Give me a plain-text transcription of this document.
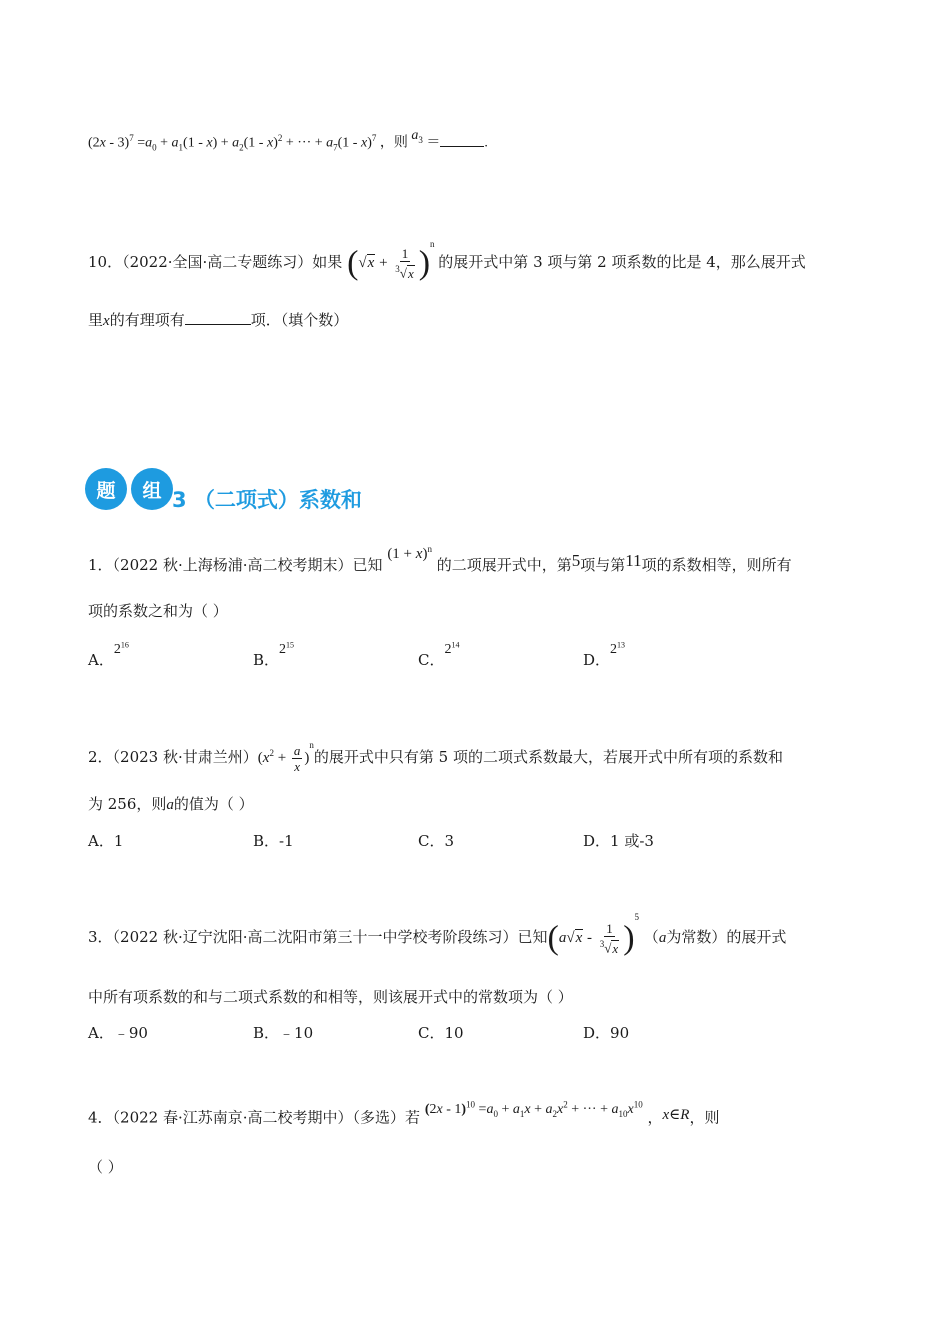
$(2x - 3)^7 =a_0 + a_1(1 - x) + a_2(1 - x)^2$ + ··· + $a_7(1 - x)^7$ ，则 $a_3$ ＝	.
10．（2022·全国·高二专题练习）如果 $(√x + \frac{1}{^3√x} )^n$ 的展开式中第 3 项与第 2 项系数的比是 4，那么展开式
里x的有理项有	项．（填个数）
题 组 3 （二项式）系数和
1．（2022 秋·上海杨浦·高二校考期末）已知 $(1 + x)^n$ 的二项展开式中，第5项与第11项的系数相等，则所有
项的系数之和为（ ）
A．$2^{16}$
B．$2^{15}$
C．$2^{14}$
D．$2^{13}$
2．（2023 秋·甘肃兰州）$(x^2 + \frac{a}{x} )^n$的展开式中只有第 5 项的二项式系数最大，若展开式中所有项的系数和
为 256，则a的值为（ ）
A．1	B．-1	C．3	D．1 或-3
3．（2022 秋·辽宁沈阳·高二沈阳市第三十一中学校考阶段练习）已知$(a√x - \frac{1}{^3√x} )^5$ （a为常数）的展开式
中所有项系数的和与二项式系数的和相等，则该展开式中的常数项为（ ）
A．﹣90	B．﹣10	C．10	D．90
4．（2022 春·江苏南京·高二校考期中）（多选）若 $(2x - 1)^{10} =a_0 + a_1x + a_2x^2$ + ··· + $a_{10}x^{10}$ ，x∈R，则
（ ）
